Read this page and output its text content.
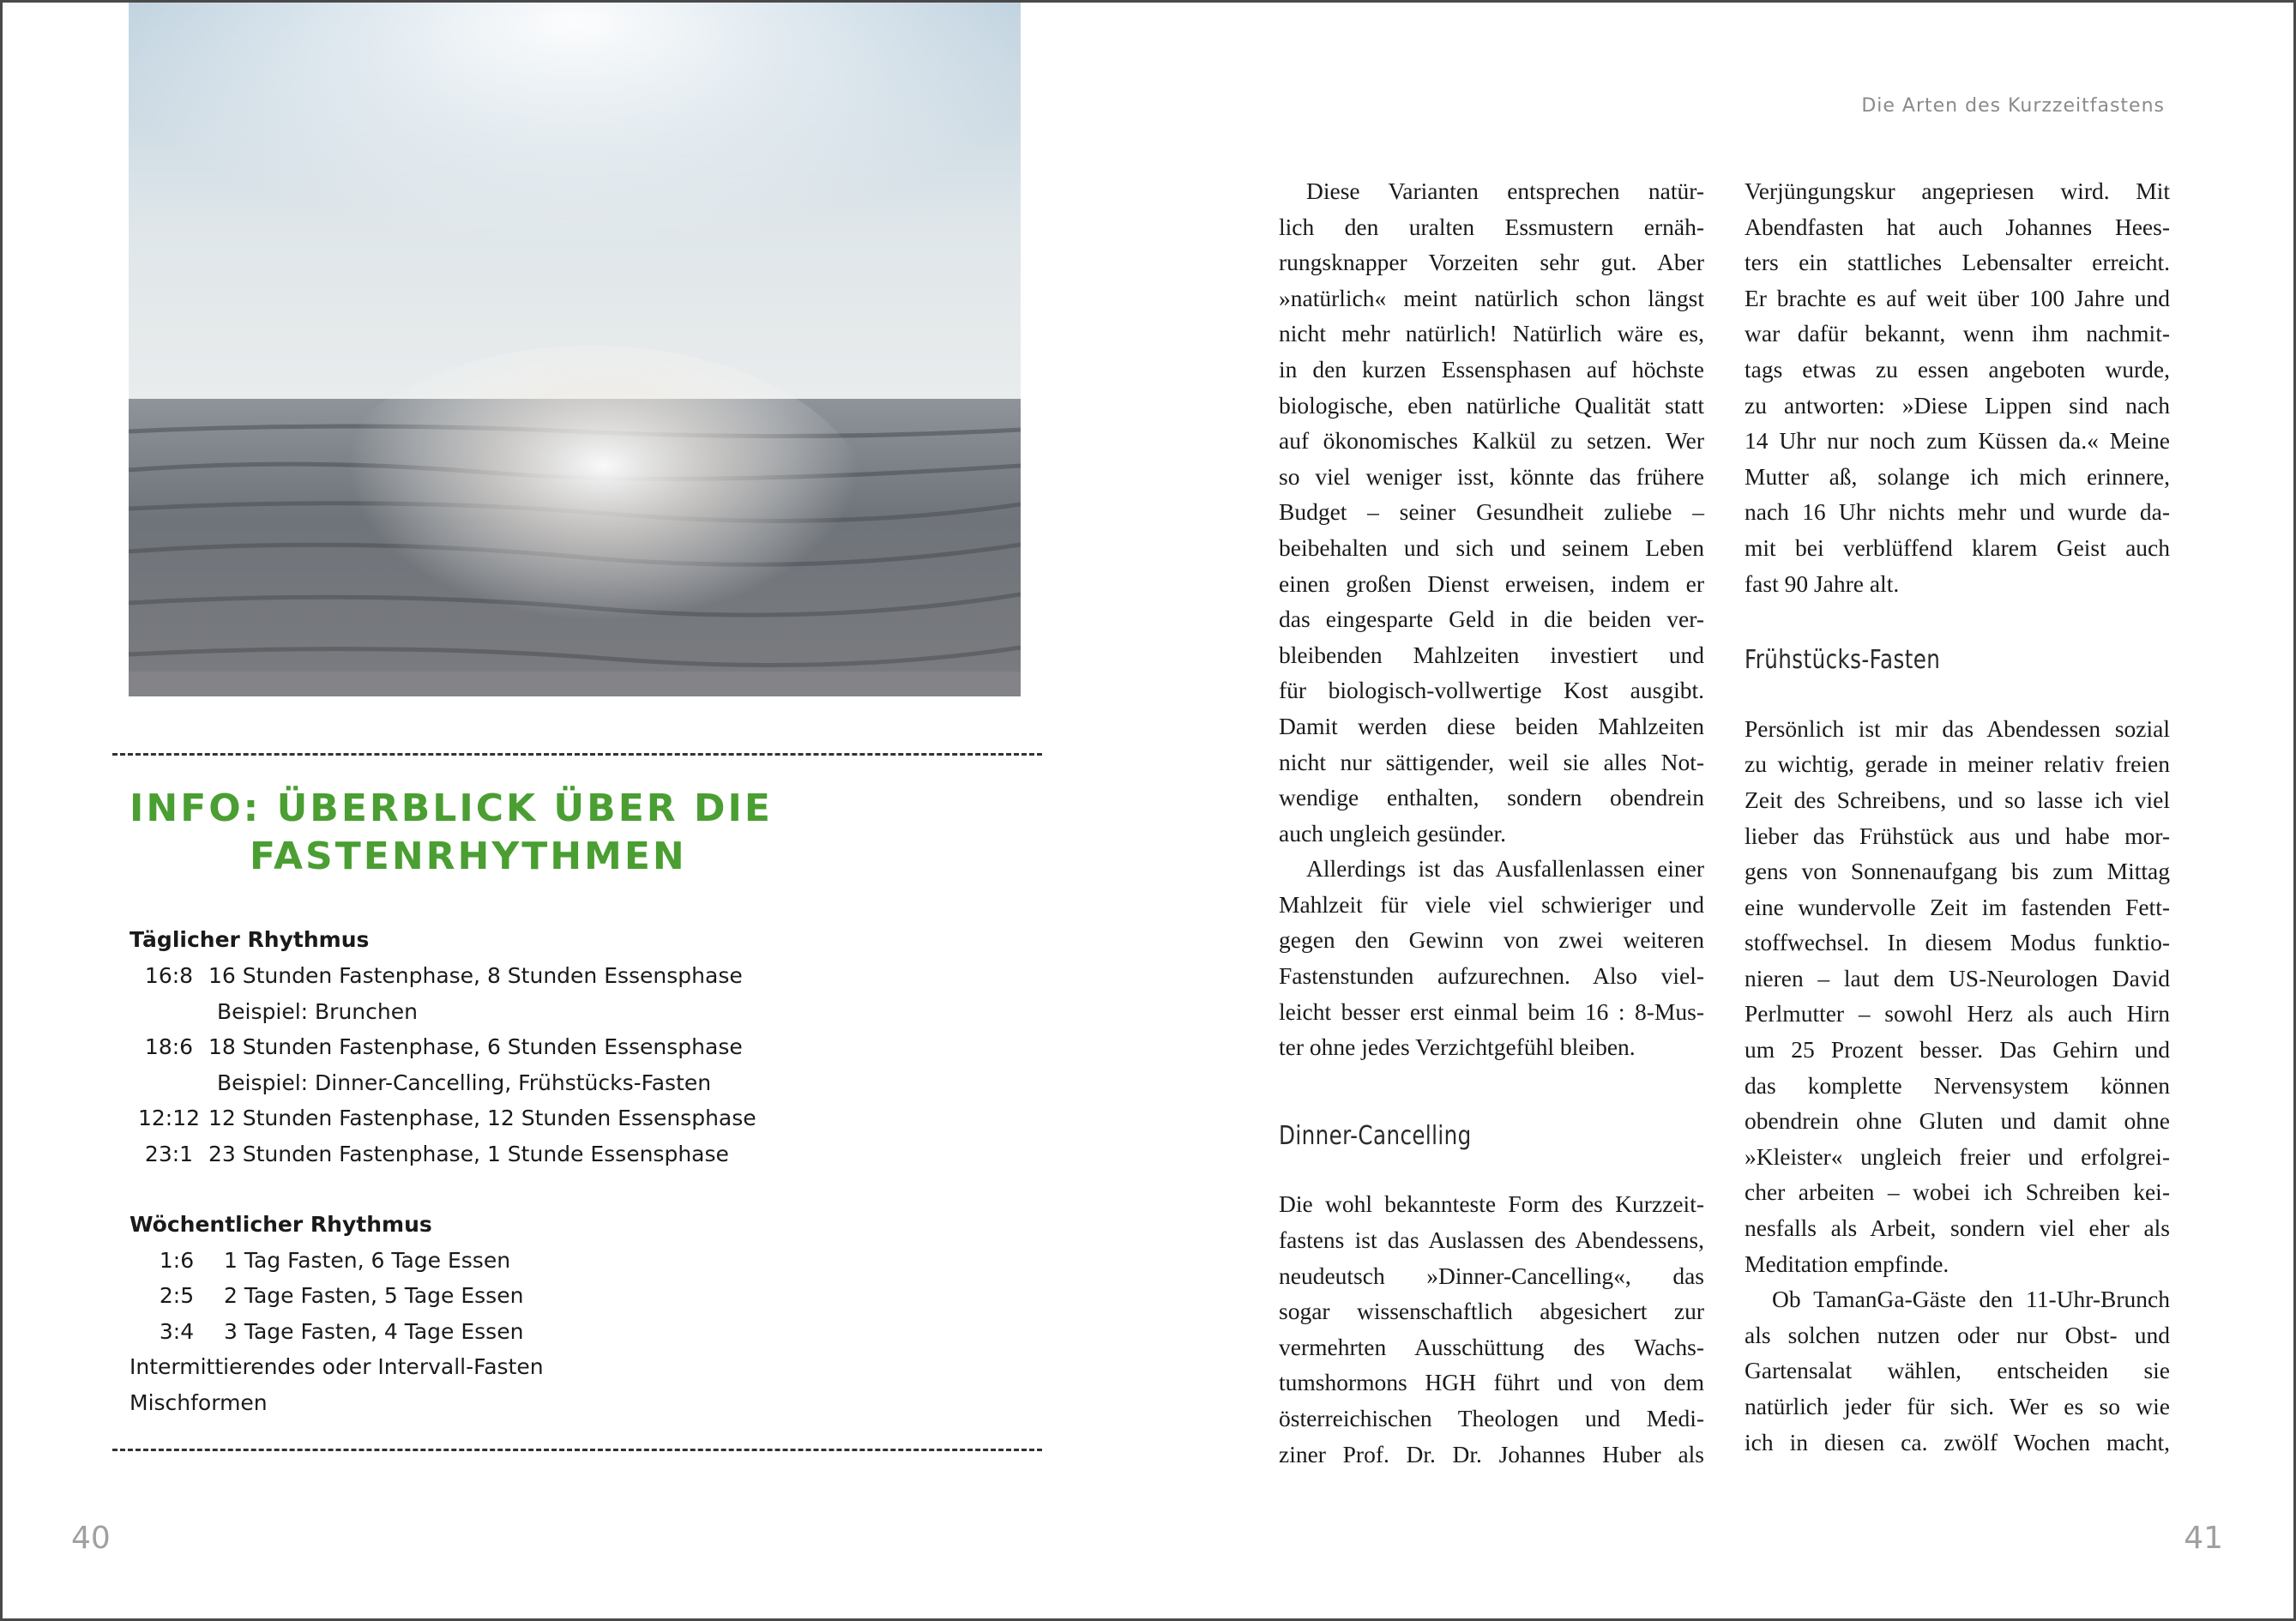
INFO: ÜBERBLICK ÜBER DIE
FASTENRHYTHMEN
Täglicher Rhythmus
16:8 16 Stunden Fastenphase, 8 Stunden Essensphase
Beispiel: Brunchen
18:6 18 Stunden Fastenphase, 6 Stunden Essensphase
Beispiel: Dinner-Cancelling, Frühstücks-Fasten
12:12 12 Stunden Fastenphase, 12 Stunden Essensphase
23:1 23 Stunden Fastenphase, 1 Stunde Essensphase
Wöchentlicher Rhythmus
1:6	1 Tag Fasten, 6 Tage Essen
2:5	2 Tage Fasten, 5 Tage Essen
3:4	3 Tage Fasten, 4 Tage Essen
Intermittierendes oder Intervall-Fasten
Mischformen
40
Die Arten des Kurzzeitfastens

Diese Varianten entsprechen natür-
lich den uralten Essmustern ernäh-
rungsknapper Vorzeiten sehr gut. Aber
»natürlich« meint natürlich schon längst
nicht mehr natürlich! Natürlich wäre es,
in den kurzen Essensphasen auf höchste
biologische, eben natürliche Qualität statt
auf ökonomisches Kalkül zu setzen. Wer
so viel weniger isst, könnte das frühere
Budget – seiner Gesundheit zuliebe –
beibehalten und sich und seinem Leben
einen großen Dienst erweisen, indem er
das eingesparte Geld in die beiden ver-
bleibenden Mahlzeiten investiert und
für biologisch-vollwertige Kost ausgibt.
Damit werden diese beiden Mahlzeiten
nicht nur sättigender, weil sie alles Not-
wendige enthalten, sondern obendrein
auch ungleich gesünder.

Allerdings ist das Ausfallenlassen einer
Mahlzeit für viele viel schwieriger und
gegen den Gewinn von zwei weiteren
Fastenstunden aufzurechnen. Also viel-
leicht besser erst einmal beim 16 : 8-Mus-
ter ohne jedes Verzichtgefühl bleiben.

Dinner-Cancelling

Die wohl bekannteste Form des Kurzzeit-
fastens ist das Auslassen des Abendessens,
neudeutsch »Dinner-Cancelling«, das
sogar wissenschaftlich abgesichert zur
vermehrten Ausschüttung des Wachs-
tumshormons HGH führt und von dem
österreichischen Theologen und Medi-
ziner Prof. Dr. Dr. Johannes Huber als

Verjüngungskur angepriesen wird. Mit
Abendfasten hat auch Johannes Hees-
ters ein stattliches Lebensalter erreicht.
Er brachte es auf weit über 100 Jahre und
war dafür bekannt, wenn ihm nachmit-
tags etwas zu essen angeboten wurde,
zu antworten: »Diese Lippen sind nach
14 Uhr nur noch zum Küssen da.« Meine
Mutter aß, solange ich mich erinnere,
nach 16 Uhr nichts mehr und wurde da-
mit bei verblüffend klarem Geist auch
fast 90 Jahre alt.

Frühstücks-Fasten

Persönlich ist mir das Abendessen sozial
zu wichtig, gerade in meiner relativ freien
Zeit des Schreibens, und so lasse ich viel
lieber das Frühstück aus und habe mor-
gens von Sonnenaufgang bis zum Mittag
eine wundervolle Zeit im fastenden Fett-
stoffwechsel. In diesem Modus funktio-
nieren – laut dem US-Neurologen David
Perlmutter – sowohl Herz als auch Hirn
um 25 Prozent besser. Das Gehirn und
das komplette Nervensystem können
obendrein ohne Gluten und damit ohne
»Kleister« ungleich freier und erfolgrei-
cher arbeiten – wobei ich Schreiben kei-
nesfalls als Arbeit, sondern viel eher als
Meditation empfinde.

Ob TamanGa-Gäste den 11-Uhr-Brunch
als solchen nutzen oder nur Obst- und
Gartensalat wählen, entscheiden sie
natürlich jeder für sich. Wer es so wie
ich in diesen ca. zwölf Wochen macht,

41
